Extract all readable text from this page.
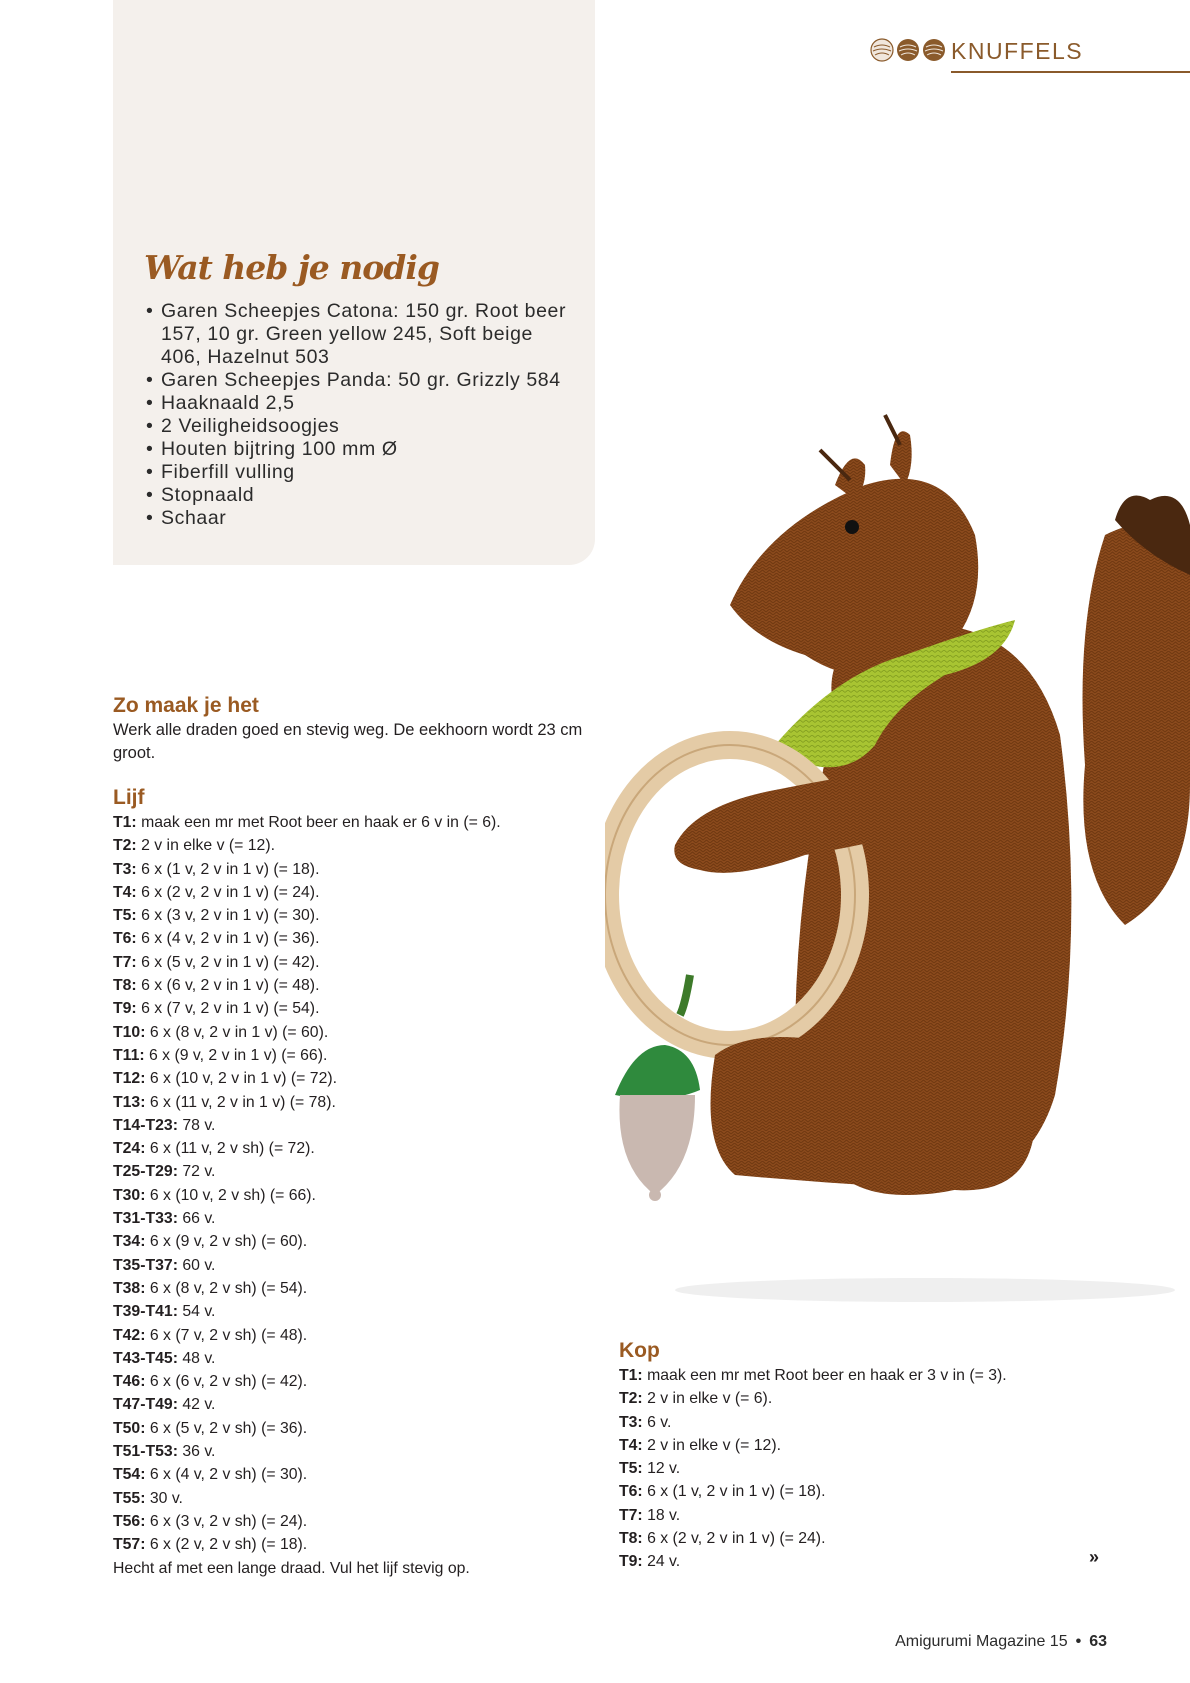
KNUFFELS
Wat heb je nodig
• Garen Scheepjes Catona: 150 gr. Root beer 157, 10 gr. Green yellow 245, Soft beige 406, Hazelnut 503
• Garen Scheepjes Panda: 50 gr. Grizzly 584
• Haaknaald 2,5
• 2 Veiligheidsoogjes
• Houten bijtring 100 mm Ø
• Fiberfill vulling
• Stopnaald
• Schaar
Zo maak je het
Werk alle draden goed en stevig weg. De eekhoorn wordt 23 cm groot.
Lijf
T1: maak een mr met Root beer en haak er 6 v in (= 6).
T2: 2 v in elke v (= 12).
T3: 6 x (1 v, 2 v in 1 v) (= 18).
T4: 6 x (2 v, 2 v in 1 v) (= 24).
T5: 6 x (3 v, 2 v in 1 v) (= 30).
T6: 6 x (4 v, 2 v in 1 v) (= 36).
T7: 6 x (5 v, 2 v in 1 v) (= 42).
T8: 6 x (6 v, 2 v in 1 v) (= 48).
T9: 6 x (7 v, 2 v in 1 v) (= 54).
T10: 6 x (8 v, 2 v in 1 v) (= 60).
T11: 6 x (9 v, 2 v in 1 v) (= 66).
T12: 6 x (10 v, 2 v in 1 v) (= 72).
T13: 6 x (11 v, 2 v in 1 v) (= 78).
T14-T23: 78 v.
T24: 6 x (11 v, 2 v sh) (= 72).
T25-T29: 72 v.
T30: 6 x (10 v, 2 v sh) (= 66).
T31-T33: 66 v.
T34: 6 x (9 v, 2 v sh) (= 60).
T35-T37: 60 v.
T38: 6 x (8 v, 2 v sh) (= 54).
T39-T41: 54 v.
T42: 6 x (7 v, 2 v sh) (= 48).
T43-T45: 48 v.
T46: 6 x (6 v, 2 v sh) (= 42).
T47-T49: 42 v.
T50: 6 x (5 v, 2 v sh) (= 36).
T51-T53: 36 v.
T54: 6 x (4 v, 2 v sh) (= 30).
T55: 30 v.
T56: 6 x (3 v, 2 v sh) (= 24).
T57: 6 x (2 v, 2 v sh) (= 18).
Hecht af met een lange draad. Vul het lijf stevig op.
Kop
T1: maak een mr met Root beer en haak er 3 v in (= 3).
T2: 2 v in elke v (= 6).
T3: 6 v.
T4: 2 v in elke v (= 12).
T5: 12 v.
T6: 6 x (1 v, 2 v in 1 v) (= 18).
T7: 18 v.
T8: 6 x (2 v, 2 v in 1 v) (= 24).
T9: 24 v.	»
Amigurumi Magazine 15 • 63
